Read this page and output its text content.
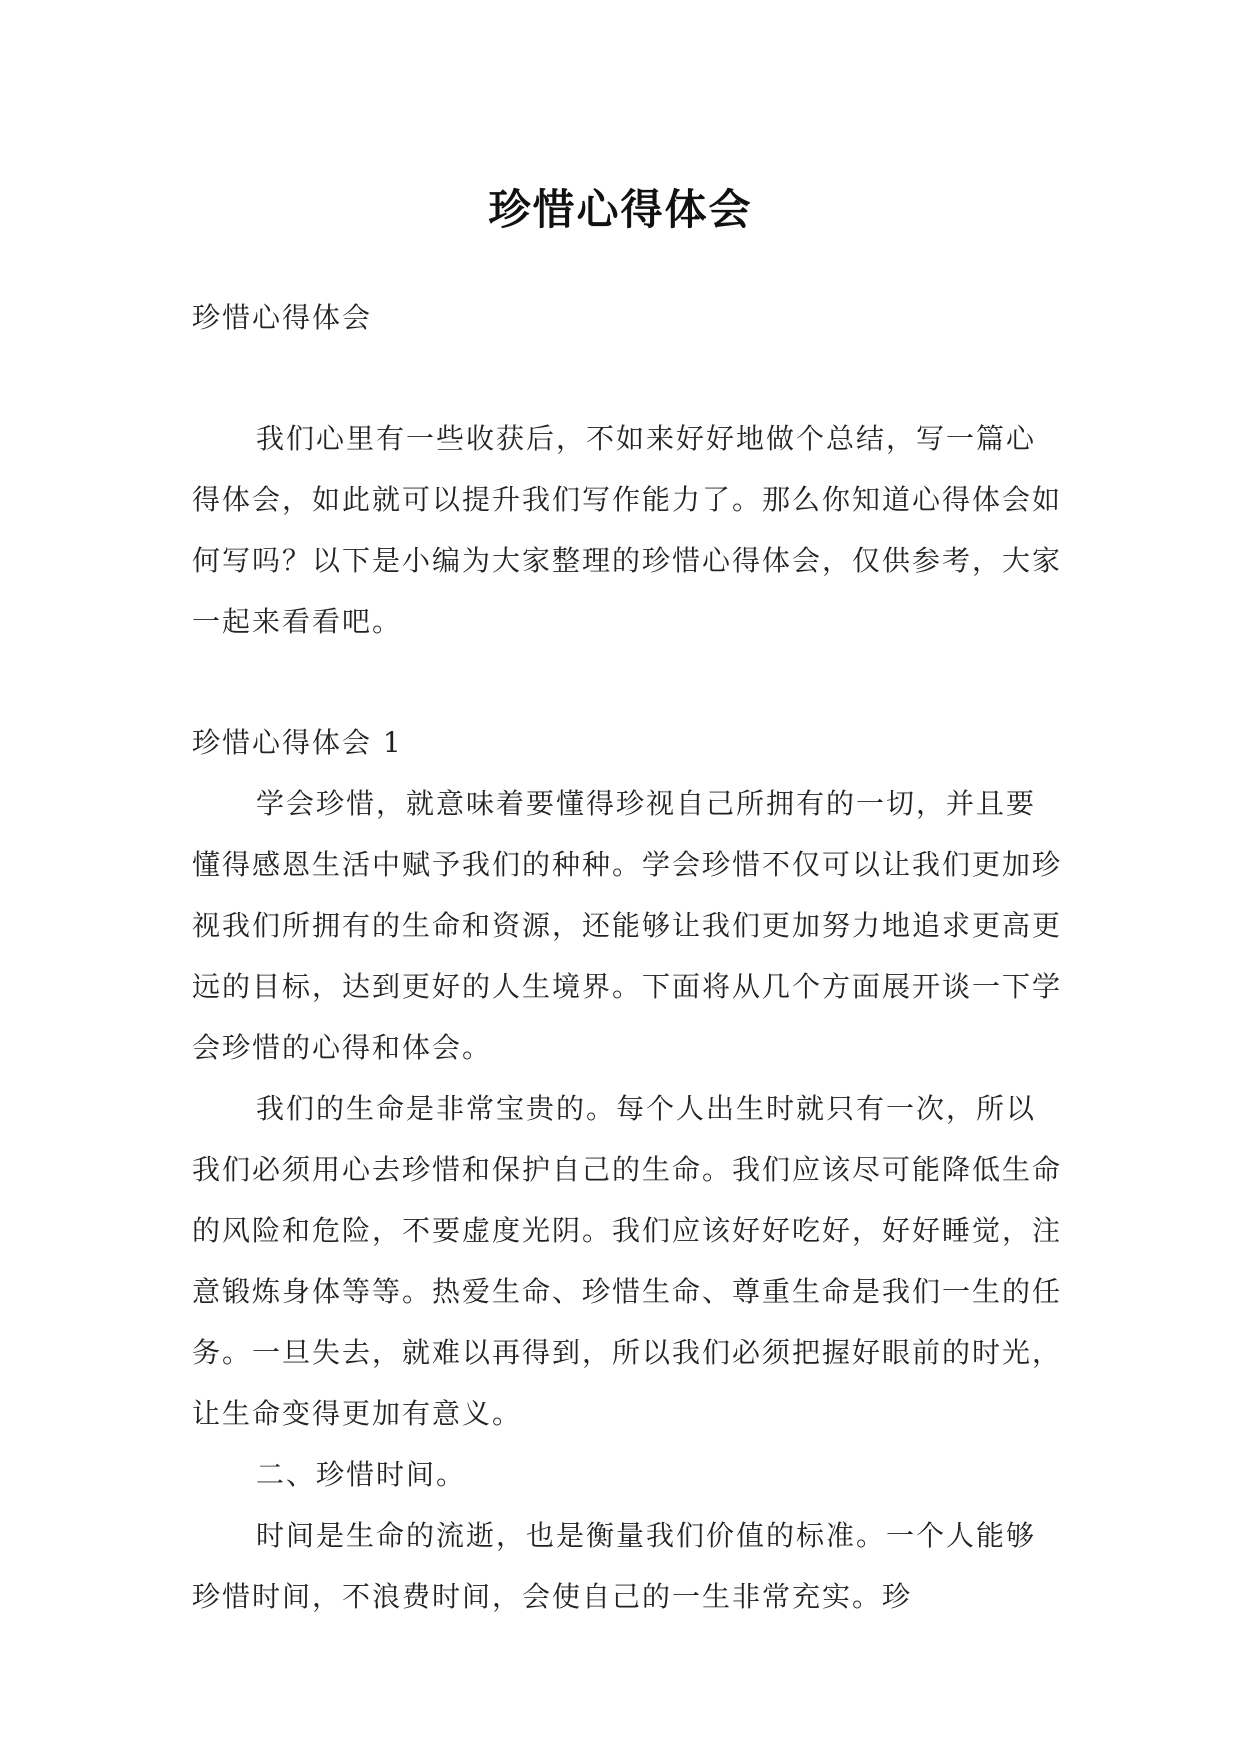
珍惜心得体会

珍惜心得体会

我们心里有一些收获后，不如来好好地做个总结，写一篇心得体会，如此就可以提升我们写作能力了。那么你知道心得体会如何写吗？以下是小编为大家整理的珍惜心得体会，仅供参考，大家一起来看看吧。

珍惜心得体会 1

学会珍惜，就意味着要懂得珍视自己所拥有的一切，并且要懂得感恩生活中赋予我们的种种。学会珍惜不仅可以让我们更加珍视我们所拥有的生命和资源，还能够让我们更加努力地追求更高更远的目标，达到更好的人生境界。下面将从几个方面展开谈一下学会珍惜的心得和体会。

我们的生命是非常宝贵的。每个人出生时就只有一次，所以我们必须用心去珍惜和保护自己的生命。我们应该尽可能降低生命的风险和危险，不要虚度光阴。我们应该好好吃好，好好睡觉，注意锻炼身体等等。热爱生命、珍惜生命、尊重生命是我们一生的任务。一旦失去，就难以再得到，所以我们必须把握好眼前的时光，让生命变得更加有意义。

二、珍惜时间。

时间是生命的流逝，也是衡量我们价值的标准。一个人能够珍惜时间，不浪费时间，会使自己的一生非常充实。珍
